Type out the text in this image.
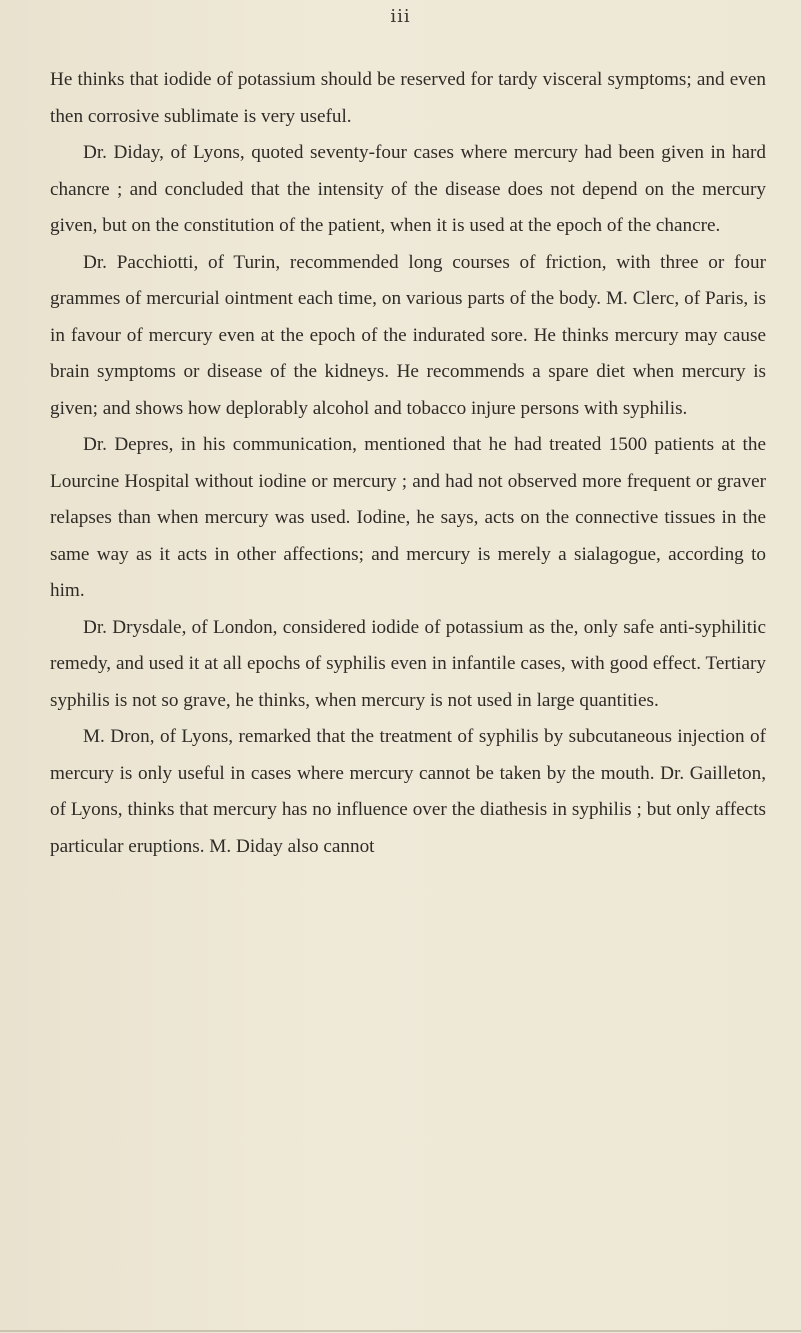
iii

He thinks that iodide of potassium should be reserved for tardy visceral symptoms; and even then corrosive sublimate is very useful.

Dr. Diday, of Lyons, quoted seventy-four cases where mercury had been given in hard chancre ; and concluded that the intensity of the disease does not depend on the mercury given, but on the constitution of the patient, when it is used at the epoch of the chancre.

Dr. Pacchiotti, of Turin, recommended long courses of friction, with three or four grammes of mercurial ointment each time, on various parts of the body. M. Clerc, of Paris, is in favour of mercury even at the epoch of the indurated sore. He thinks mercury may cause brain symptoms or disease of the kidneys. He recommends a spare diet when mercury is given; and shows how deplorably alcohol and tobacco injure persons with syphilis.

Dr. Depres, in his communication, mentioned that he had treated 1500 patients at the Lourcine Hospital without iodine or mercury ; and had not observed more frequent or graver relapses than when mercury was used. Iodine, he says, acts on the connective tissues in the same way as it acts in other affections; and mercury is merely a sialagogue, according to him.

Dr. Drysdale, of London, considered iodide of potassium as the, only safe anti-syphilitic remedy, and used it at all epochs of syphilis even in infantile cases, with good effect. Tertiary syphilis is not so grave, he thinks, when mercury is not used in large quantities.

M. Dron, of Lyons, remarked that the treatment of syphilis by subcutaneous injection of mercury is only useful in cases where mercury cannot be taken by the mouth. Dr. Gailleton, of Lyons, thinks that mercury has no influence over the diathesis in syphilis ; but only affects particular eruptions. M. Diday also cannot
